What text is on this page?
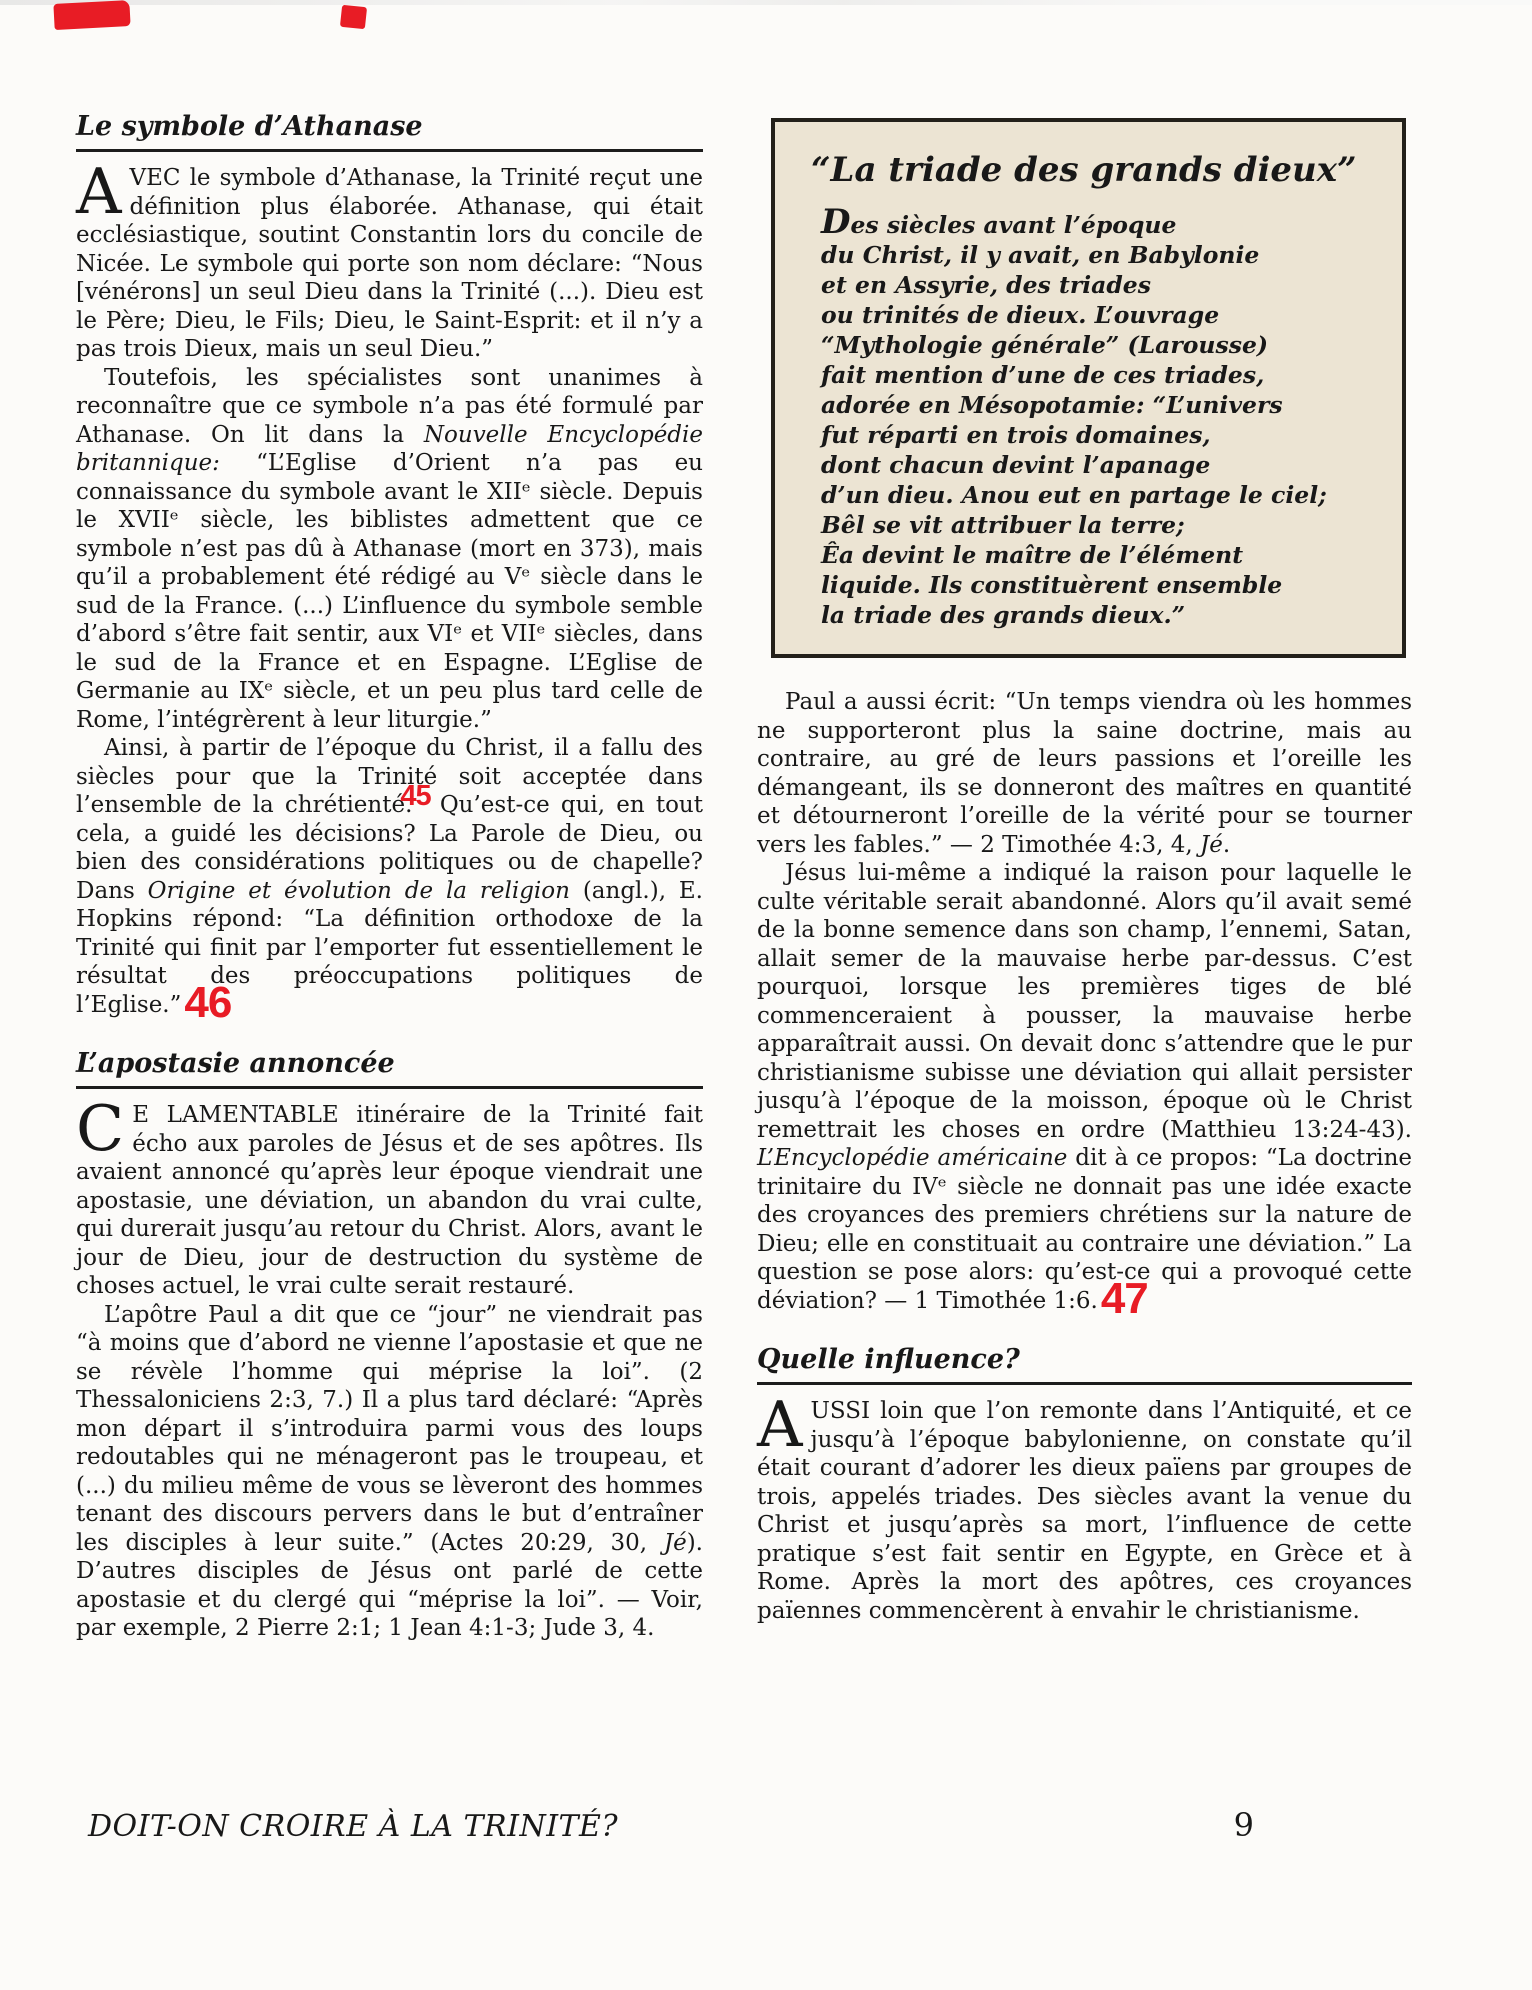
Le symbole d’Athanase

AVEC le symbole d’Athanase, la Trinité reçut une définition plus élaborée. Athanase, qui était ecclésiastique, soutint Constantin lors du concile de Nicée. Le symbole qui porte son nom déclare: “Nous [vénérons] un seul Dieu dans la Trinité (...). Dieu est le Père; Dieu, le Fils; Dieu, le Saint-Esprit: et il n’y a pas trois Dieux, mais un seul Dieu.”

Toutefois, les spécialistes sont unanimes à reconnaître que ce symbole n’a pas été formulé par Athanase. On lit dans la Nouvelle Encyclopédie britannique: “L’Eglise d’Orient n’a pas eu connaissance du symbole avant le XIIᵉ siècle. Depuis le XVIIᵉ siècle, les biblistes admettent que ce symbole n’est pas dû à Athanase (mort en 373), mais qu’il a probablement été rédigé au Vᵉ siècle dans le sud de la France. (...) L’influence du symbole semble d’abord s’être fait sentir, aux VIᵉ et VIIᵉ siècles, dans le sud de la France et en Espagne. L’Eglise de Germanie au IXᵉ siècle, et un peu plus tard celle de Rome, l’intégrèrent à leur liturgie.”

Ainsi, à partir de l’époque du Christ, il a fallu des siècles pour que la Trinité soit acceptée dans l’ensemble de la chrétienté.45 Qu’est-ce qui, en tout cela, a guidé les décisions? La Parole de Dieu, ou bien des considérations politiques ou de chapelle? Dans Origine et évolution de la religion (angl.), E. Hopkins répond: “La définition orthodoxe de la Trinité qui finit par l’emporter fut essentiellement le résultat des préoccupations politiques de l’Eglise.”46

L’apostasie annoncée

C E LAMENTABLE itinéraire de la Trinité fait écho aux paroles de Jésus et de ses apôtres. Ils avaient annoncé qu’après leur époque viendrait une apostasie, une déviation, un abandon du vrai culte, qui durerait jusqu’au retour du Christ. Alors, avant le jour de Dieu, jour de destruction du système de choses actuel, le vrai culte serait restauré.

L’apôtre Paul a dit que ce “jour” ne viendrait pas “à moins que d’abord ne vienne l’apostasie et que ne se révèle l’homme qui méprise la loi”. (2 Thessaloniciens 2:3, 7.) Il a plus tard déclaré: “Après mon départ il s’introduira parmi vous des loups redoutables qui ne ménageront pas le troupeau, et (...) du milieu même de vous se lèveront des hommes tenant des discours pervers dans le but d’entraîner les disciples à leur suite.” (Actes 20:29, 30, Jé). D’autres disciples de Jésus ont parlé de cette apostasie et du clergé qui “méprise la loi”. — Voir, par exemple, 2 Pierre 2:1; 1 Jean 4:1-3; Jude 3, 4.

“La triade des grands dieux”

Des siècles avant l’époque
du Christ, il y avait, en Babylonie
et en Assyrie, des triades
ou trinités de dieux. L’ouvrage
“Mythologie générale” (Larousse)
fait mention d’une de ces triades,
adorée en Mésopotamie: “L’univers
fut réparti en trois domaines,
dont chacun devint l’apanage
d’un dieu. Anou eut en partage le ciel;
Bêl se vit attribuer la terre;
Êa devint le maître de l’élément
liquide. Ils constituèrent ensemble
la triade des grands dieux.”

Paul a aussi écrit: “Un temps viendra où les hommes ne supporteront plus la saine doctrine, mais au contraire, au gré de leurs passions et l’oreille les démangeant, ils se donneront des maîtres en quantité et détourneront l’oreille de la vérité pour se tourner vers les fables.” — 2 Timothée 4:3, 4, Jé.

Jésus lui-même a indiqué la raison pour laquelle le culte véritable serait abandonné. Alors qu’il avait semé de la bonne semence dans son champ, l’ennemi, Satan, allait semer de la mauvaise herbe par-dessus. C’est pourquoi, lorsque les premières tiges de blé commenceraient à pousser, la mauvaise herbe apparaîtrait aussi. On devait donc s’attendre que le pur christianisme subisse une déviation qui allait persister jusqu’à l’époque de la moisson, époque où le Christ remettrait les choses en ordre (Matthieu 13:24-43). L’Encyclopédie américaine dit à ce propos: “La doctrine trinitaire du IVᵉ siècle ne donnait pas une idée exacte des croyances des premiers chrétiens sur la nature de Dieu; elle en constituait au contraire une déviation.” La question se pose alors: qu’est-ce qui a provoqué cette déviation? — 1 Timothée 1:6.47

Quelle influence?

AUSSI loin que l’on remonte dans l’Antiquité, et ce jusqu’à l’époque babylonienne, on constate qu’il était courant d’adorer les dieux païens par groupes de trois, appelés triades. Des siècles avant la venue du Christ et jusqu’après sa mort, l’influence de cette pratique s’est fait sentir en Egypte, en Grèce et à Rome. Après la mort des apôtres, ces croyances païennes commencèrent à envahir le christianisme.

DOIT-ON CROIRE À LA TRINITÉ?	9
